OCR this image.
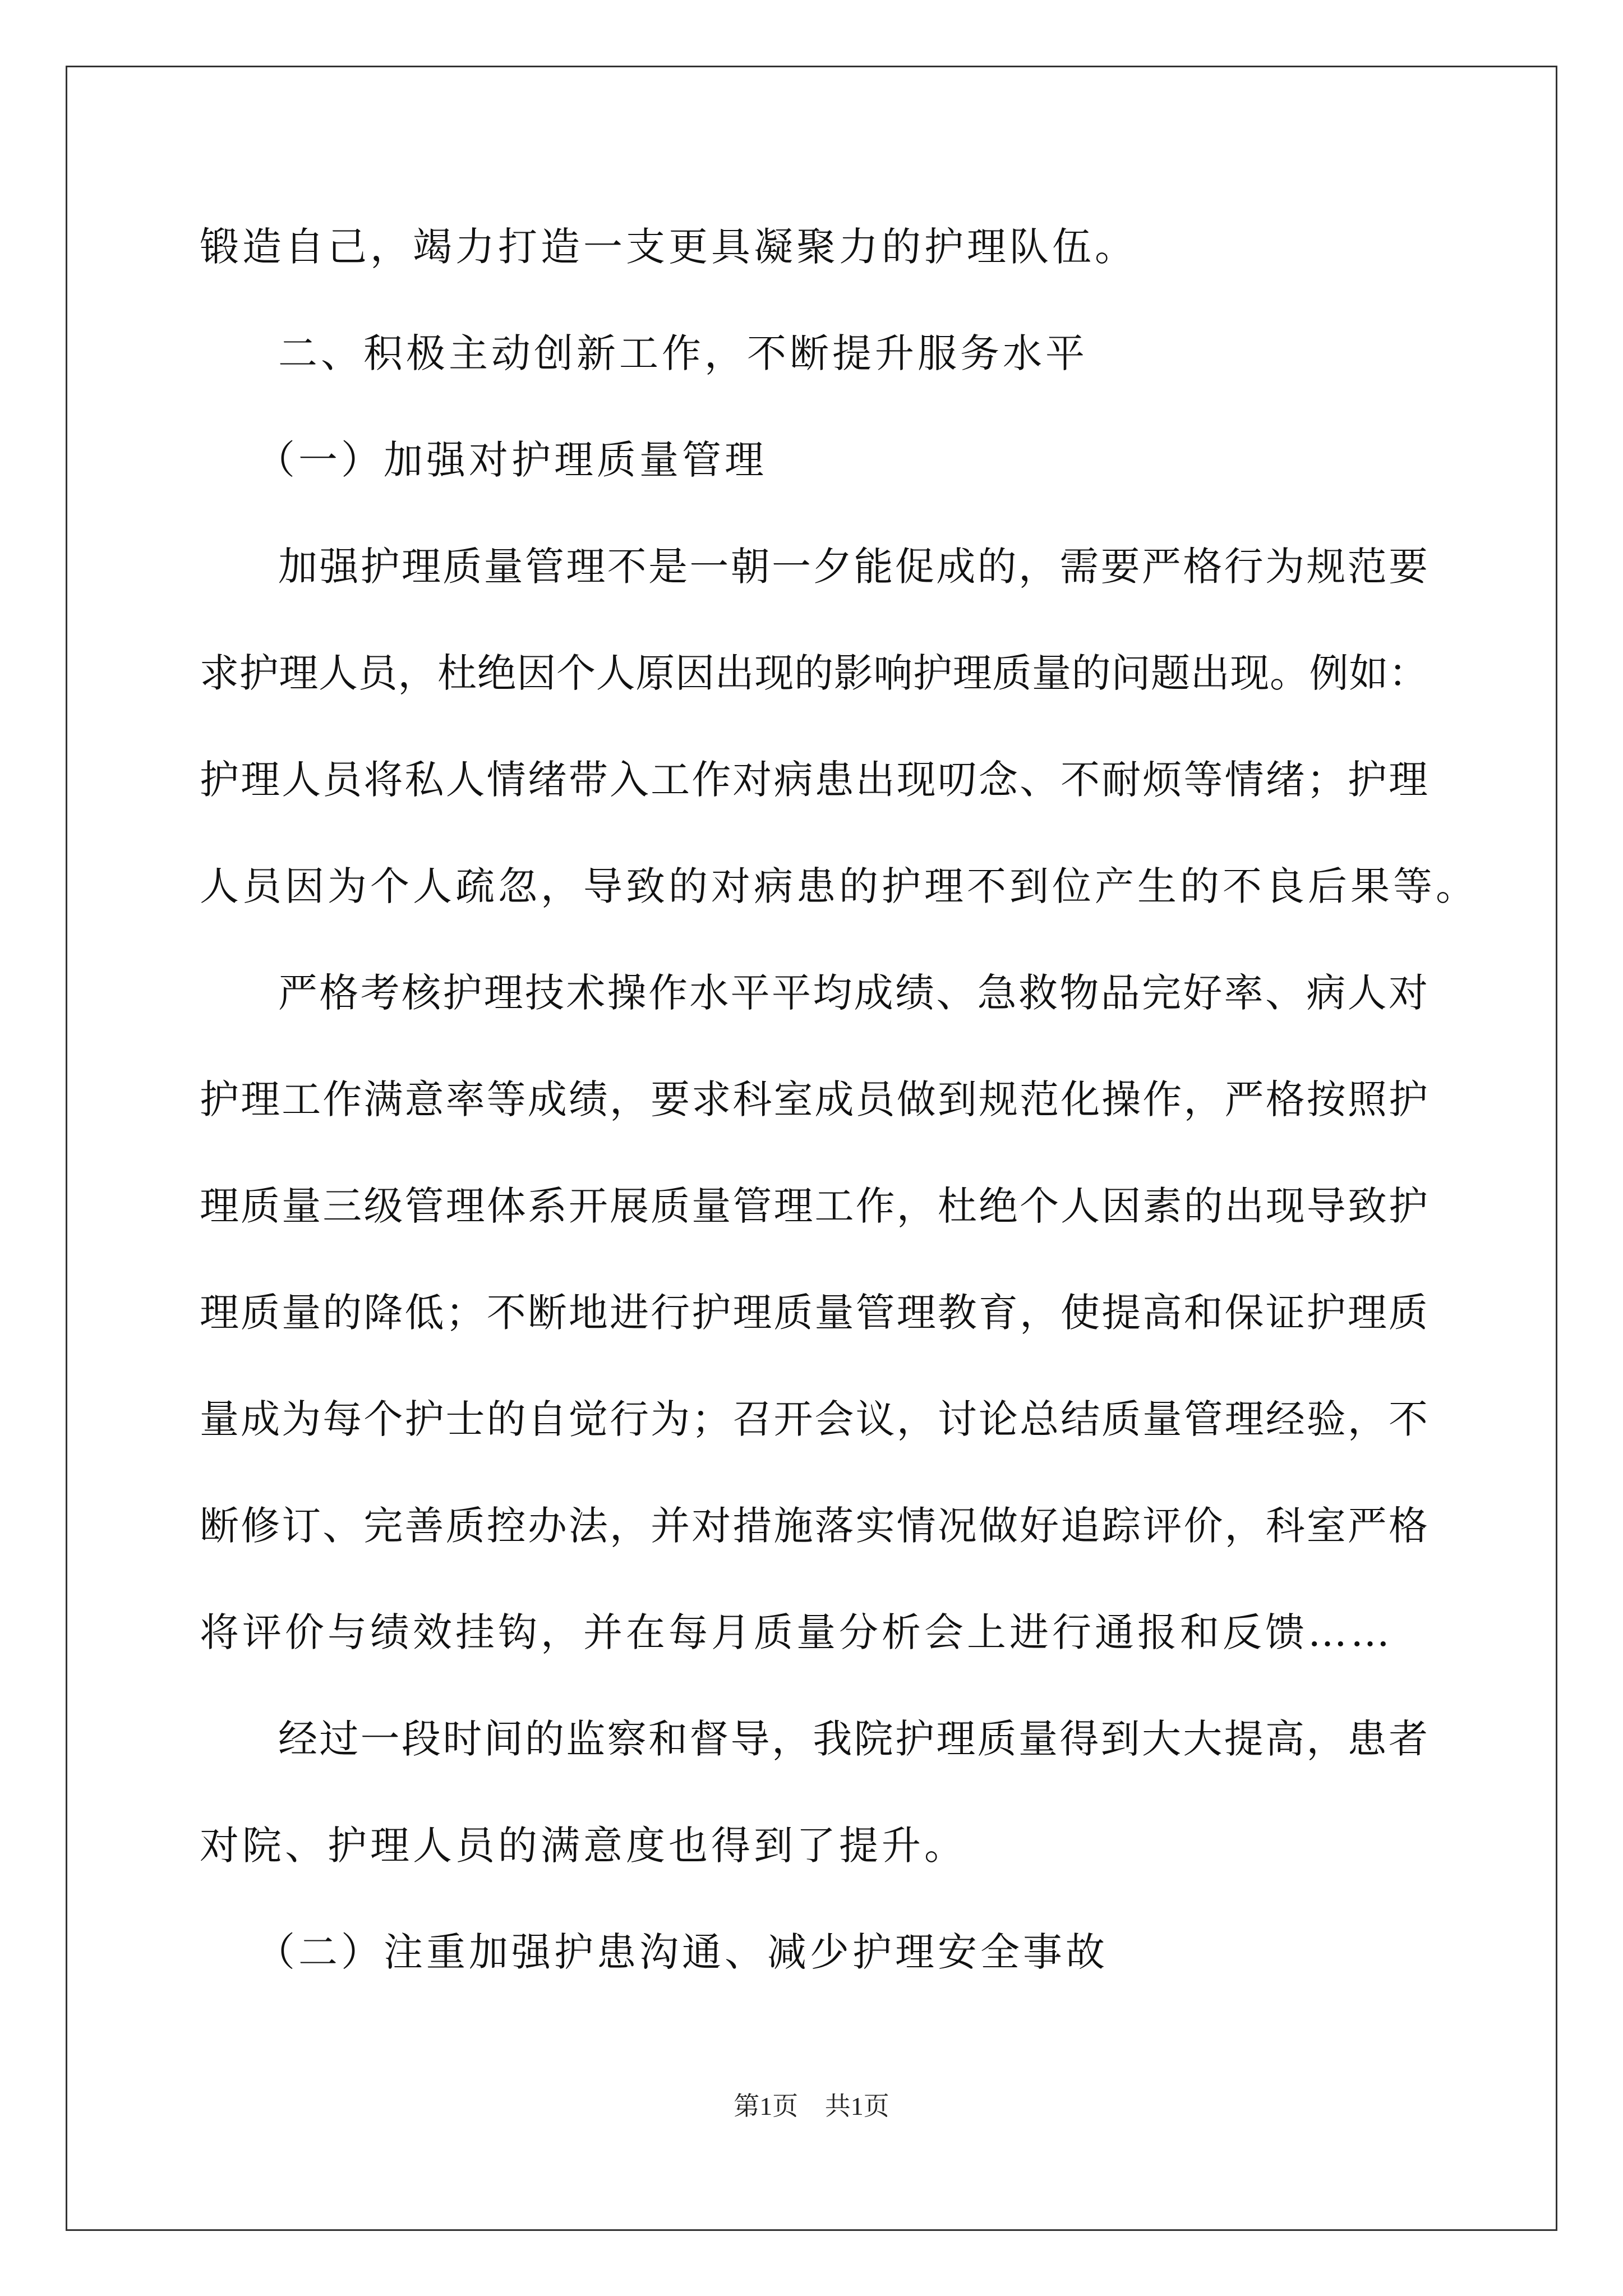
锻造自己，竭力打造一支更具凝聚力的护理队伍。
二、积极主动创新工作，不断提升服务水平
（一）加强对护理质量管理
加强护理质量管理不是一朝一夕能促成的，需要严格行为规范要
求护理人员，杜绝因个人原因出现的影响护理质量的问题出现。例如：
护理人员将私人情绪带入工作对病患出现叨念、不耐烦等情绪；护理
人员因为个人疏忽，导致的对病患的护理不到位产生的不良后果等。
严格考核护理技术操作水平平均成绩、急救物品完好率、病人对
护理工作满意率等成绩，要求科室成员做到规范化操作，严格按照护
理质量三级管理体系开展质量管理工作，杜绝个人因素的出现导致护
理质量的降低；不断地进行护理质量管理教育，使提高和保证护理质
量成为每个护士的自觉行为；召开会议，讨论总结质量管理经验，不
断修订、完善质控办法，并对措施落实情况做好追踪评价，科室严格
将评价与绩效挂钩，并在每月质量分析会上进行通报和反馈……
经过一段时间的监察和督导，我院护理质量得到大大提高，患者
对院、护理人员的满意度也得到了提升。
（二）注重加强护患沟通、减少护理安全事故
第1页 共1页
